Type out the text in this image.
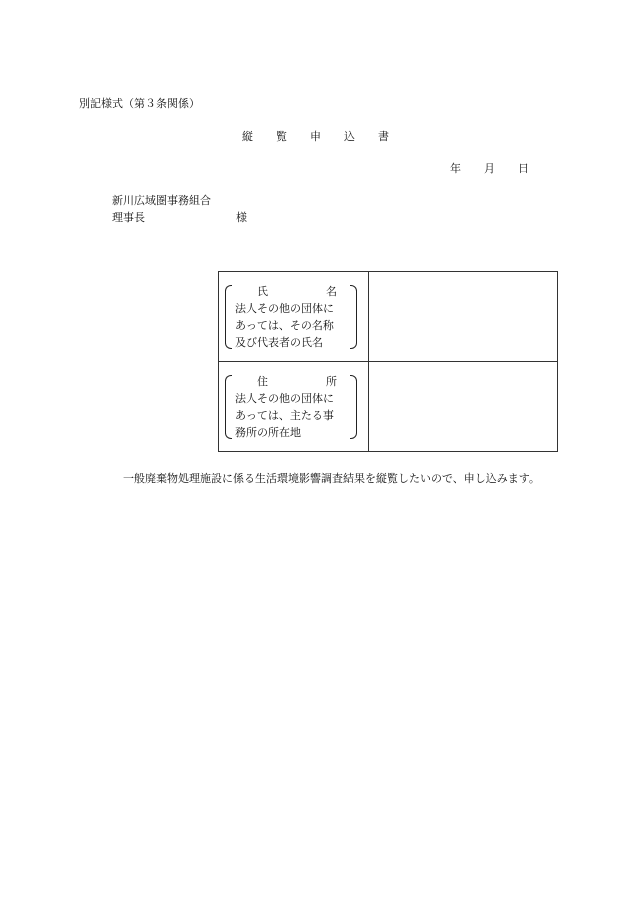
別記様式（第３条関係）
縦 覧 申 込 書
年 月 日
新川広域圏事務組合
理事長	様
氏 名
法人その他の団体に
あっては、その名称
及び代表者の氏名	

住 所
法人その他の団体に
あっては、主たる事
務所の所在地	

一般廃棄物処理施設に係る生活環境影響調査結果を縦覧したいので、申し込みます。
